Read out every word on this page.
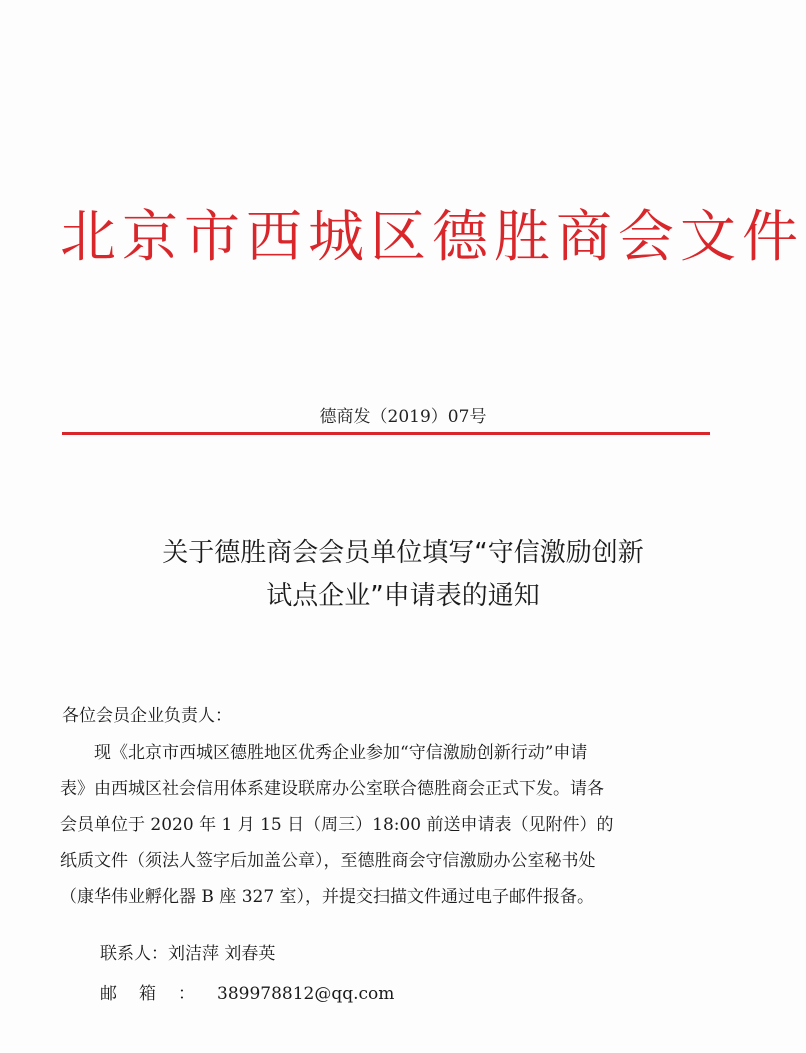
北京市西城区德胜商会文件
德商发（2019）07号
关于德胜商会会员单位填写“守信激励创新
试点企业”申请表的通知
各位会员企业负责人：
　　现《北京市西城区德胜地区优秀企业参加“守信激励创新行动”申请
表》由西城区社会信用体系建设联席办公室联合德胜商会正式下发。请各
会员单位于 2020 年 1 月 15 日（周三）18:00 前送申请表（见附件）的
纸质文件（须法人签字后加盖公章），至德胜商会守信激励办公室秘书处
（康华伟业孵化器 B 座 327 室），并提交扫描文件通过电子邮件报备。
联系人：刘洁萍 刘春英
邮箱：389978812@qq.com
